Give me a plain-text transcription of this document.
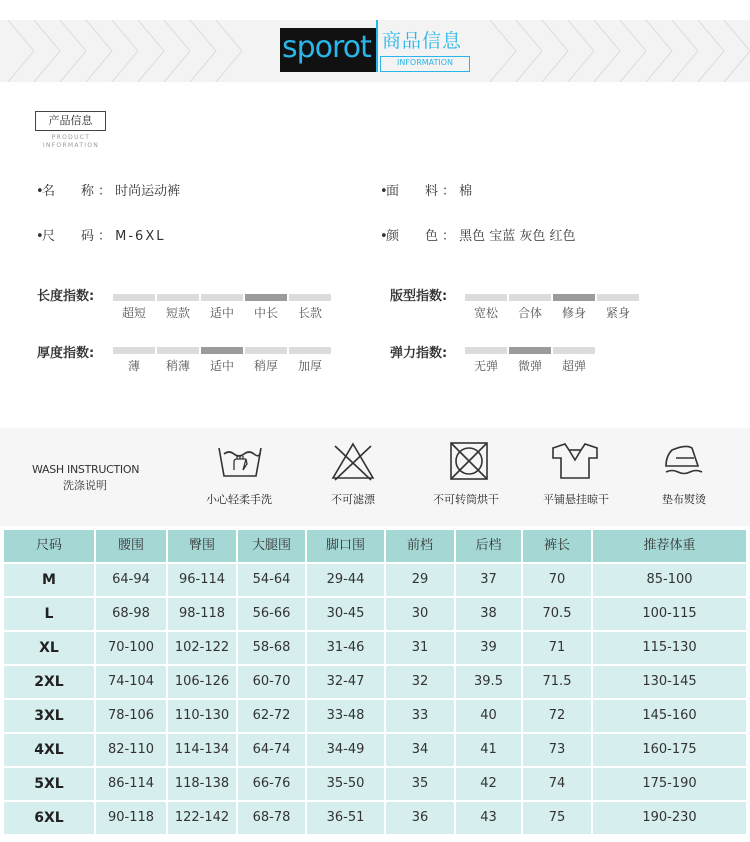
sporot 商品信息
INFORMATION
产品信息
PRODUCT
INFORMATION
•名　　称 ： 时尚运动裤	•面　　料 ： 棉
•尺　　码 ： M-6XL	•颜　　色 ： 黑色 宝蓝 灰色 红色
长度指数:
超短	短款	适中	中长	长款
版型指数:
宽松	合体	修身	紧身
厚度指数:
薄	稍薄	适中	稍厚	加厚
弹力指数:
无弹	微弹	超弹
WASH INSTRUCTION
洗涤说明
小心轻柔手洗	不可滤漂	不可转筒烘干	平铺悬挂晾干	垫布熨烫
尺码	腰围	臀围	大腿围	脚口围	前档	后档	裤长	推荐体重
M	64-94	96-114	54-64	29-44	29	37	70	85-100
L	68-98	98-118	56-66	30-45	30	38	70.5	100-115
XL	70-100	102-122	58-68	31-46	31	39	71	115-130
2XL	74-104	106-126	60-70	32-47	32	39.5	71.5	130-145
3XL	78-106	110-130	62-72	33-48	33	40	72	145-160
4XL	82-110	114-134	64-74	34-49	34	41	73	160-175
5XL	86-114	118-138	66-76	35-50	35	42	74	175-190
6XL	90-118	122-142	68-78	36-51	36	43	75	190-230
